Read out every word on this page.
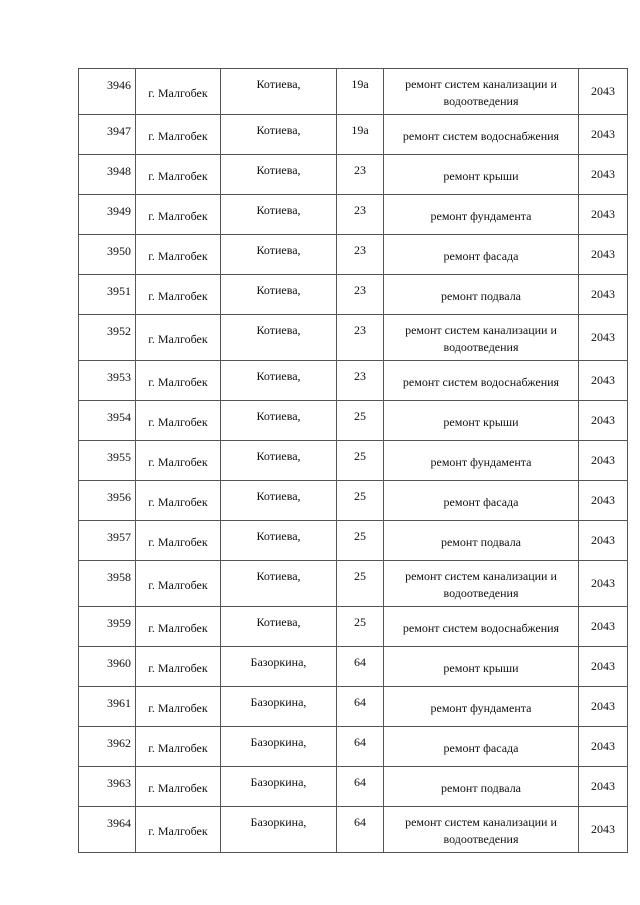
3946	г. Малгобек	Котиева,	19а	ремонт систем канализации и водоотведения	2043
3947	г. Малгобек	Котиева,	19а	ремонт систем водоснабжения	2043
3948	г. Малгобек	Котиева,	23	ремонт крыши	2043
3949	г. Малгобек	Котиева,	23	ремонт фундамента	2043
3950	г. Малгобек	Котиева,	23	ремонт фасада	2043
3951	г. Малгобек	Котиева,	23	ремонт подвала	2043
3952	г. Малгобек	Котиева,	23	ремонт систем канализации и водоотведения	2043
3953	г. Малгобек	Котиева,	23	ремонт систем водоснабжения	2043
3954	г. Малгобек	Котиева,	25	ремонт крыши	2043
3955	г. Малгобек	Котиева,	25	ремонт фундамента	2043
3956	г. Малгобек	Котиева,	25	ремонт фасада	2043
3957	г. Малгобек	Котиева,	25	ремонт подвала	2043
3958	г. Малгобек	Котиева,	25	ремонт систем канализации и водоотведения	2043
3959	г. Малгобек	Котиева,	25	ремонт систем водоснабжения	2043
3960	г. Малгобек	Базоркина,	64	ремонт крыши	2043
3961	г. Малгобек	Базоркина,	64	ремонт фундамента	2043
3962	г. Малгобек	Базоркина,	64	ремонт фасада	2043
3963	г. Малгобек	Базоркина,	64	ремонт подвала	2043
3964	г. Малгобек	Базоркина,	64	ремонт систем канализации и водоотведения	2043
